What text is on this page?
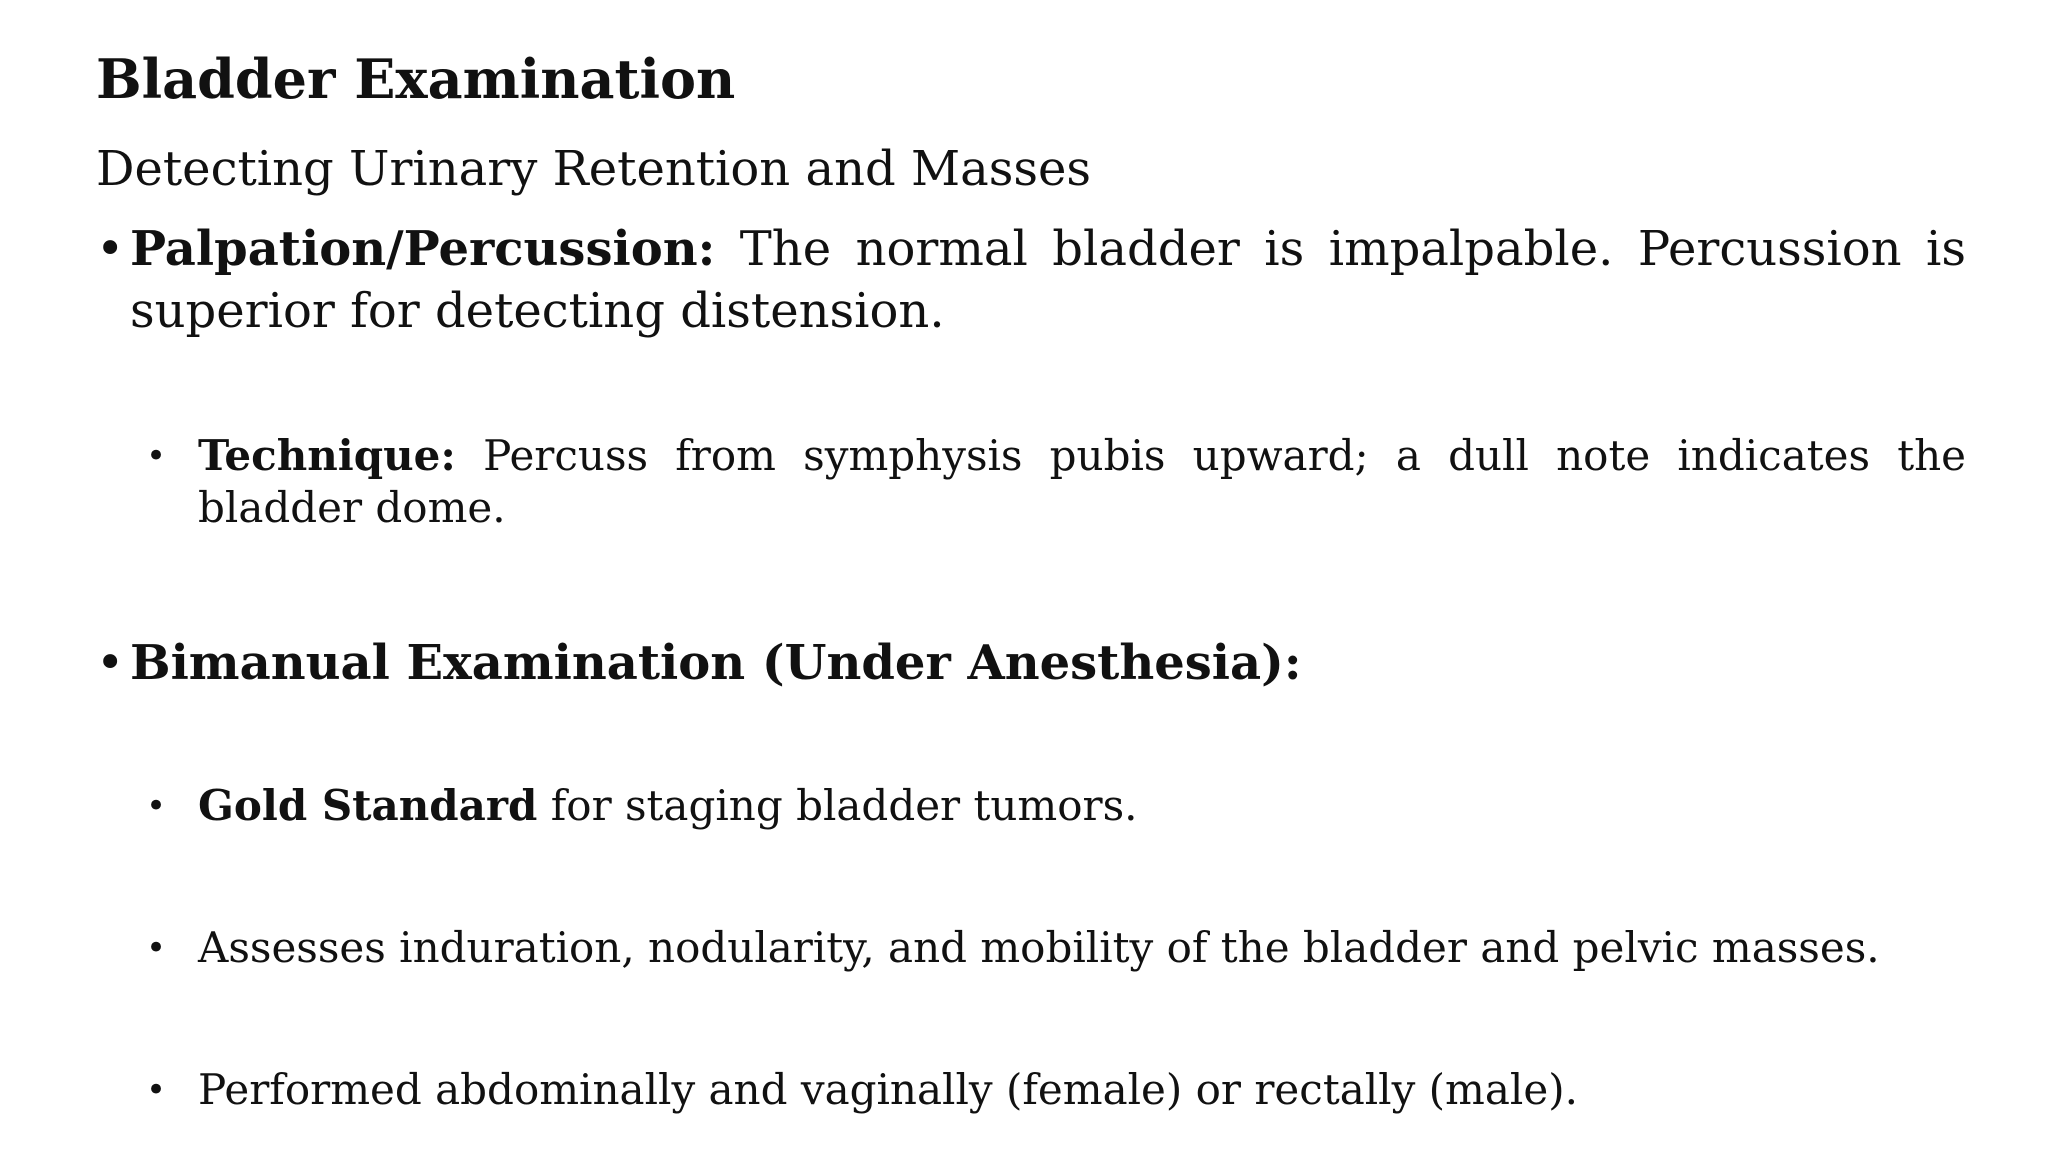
Bladder Examination
Detecting Urinary Retention and Masses
• Palpation/Percussion: The normal bladder is impalpable. Percussion is superior for detecting distension.
• Technique: Percuss from symphysis pubis upward; a dull note indicates the bladder dome.
• Bimanual Examination (Under Anesthesia):
• Gold Standard for staging bladder tumors.
• Assesses induration, nodularity, and mobility of the bladder and pelvic masses.
• Performed abdominally and vaginally (female) or rectally (male).
